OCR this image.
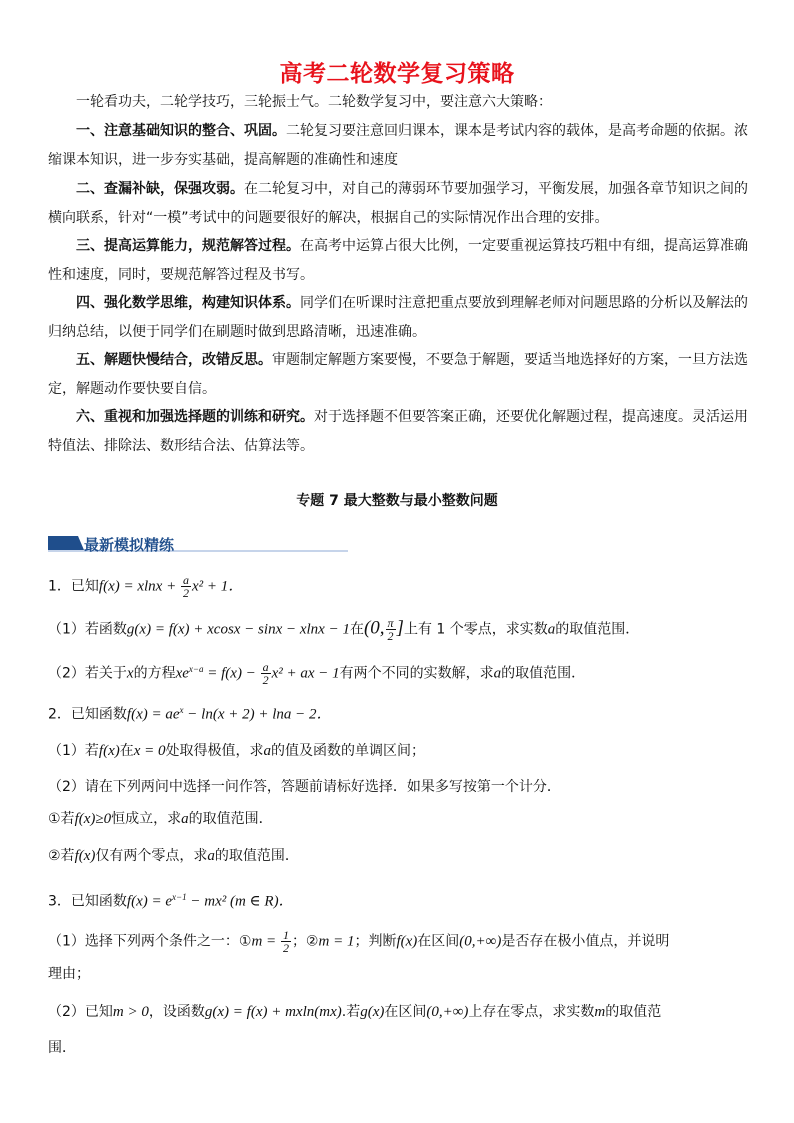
高考二轮数学复习策略

一轮看功夫，二轮学技巧，三轮振士气。二轮数学复习中，要注意六大策略：

一、注意基础知识的整合、巩固。二轮复习要注意回归课本，课本是考试内容的载体，是高考命题的依据。浓缩课本知识，进一步夯实基础，提高解题的准确性和速度

二、查漏补缺，保强攻弱。在二轮复习中，对自己的薄弱环节要加强学习，平衡发展，加强各章节知识之间的横向联系，针对“一模”考试中的问题要很好的解决，根据自己的实际情况作出合理的安排。

三、提高运算能力，规范解答过程。在高考中运算占很大比例，一定要重视运算技巧粗中有细，提高运算准确性和速度，同时，要规范解答过程及书写。

四、强化数学思维，构建知识体系。同学们在听课时注意把重点要放到理解老师对问题思路的分析以及解法的归纳总结，以便于同学们在刷题时做到思路清晰，迅速准确。

五、解题快慢结合，改错反思。审题制定解题方案要慢，不要急于解题，要适当地选择好的方案，一旦方法选定，解题动作要快要自信。

六、重视和加强选择题的训练和研究。对于选择题不但要答案正确，还要优化解题过程，提高速度。灵活运用特值法、排除法、数形结合法、估算法等。

专题 7 最大整数与最小整数问题
最新模拟精练
1．已知$f(x) = xlnx + \frac{a}{2} x^2 + 1$．
（1）若函数g(x) = f(x) + xcosx − sinx − xlnx − 1在(0, $\frac{\pi}{2}$ ]上有 1 个零点，求实数a的取值范围．
（2）若关于x的方程$xe^{x-a} = f(x) - \frac{a}{2} x^2$ + ax − 1有两个不同的实数解，求a的取值范围．
2．已知函数$f(x) = ae^x - \ln(x + 2) + \ln a - 2$．
（1）若f(x)在x = 0处取得极值，求a的值及函数的单调区间；
（2）请在下列两问中选择一问作答，答题前请标好选择．如果多写按第一个计分．
①若f(x)≥0恒成立，求a的取值范围．
②若f(x)仅有两个零点，求a的取值范围．
3．已知函数$f(x) = e^{x-1} - mx^2$ (m ∈ R)．
（1）选择下列两个条件之一：①m = $\frac{1}{2}$ ；②m = 1；判断f(x)在区间(0,+∞)是否存在极小值点，并说明
理由；
（2）已知m > 0，设函数g(x) = f(x) + mxln(mx).若g(x)在区间(0,+∞)上存在零点，求实数m的取值范
围．
